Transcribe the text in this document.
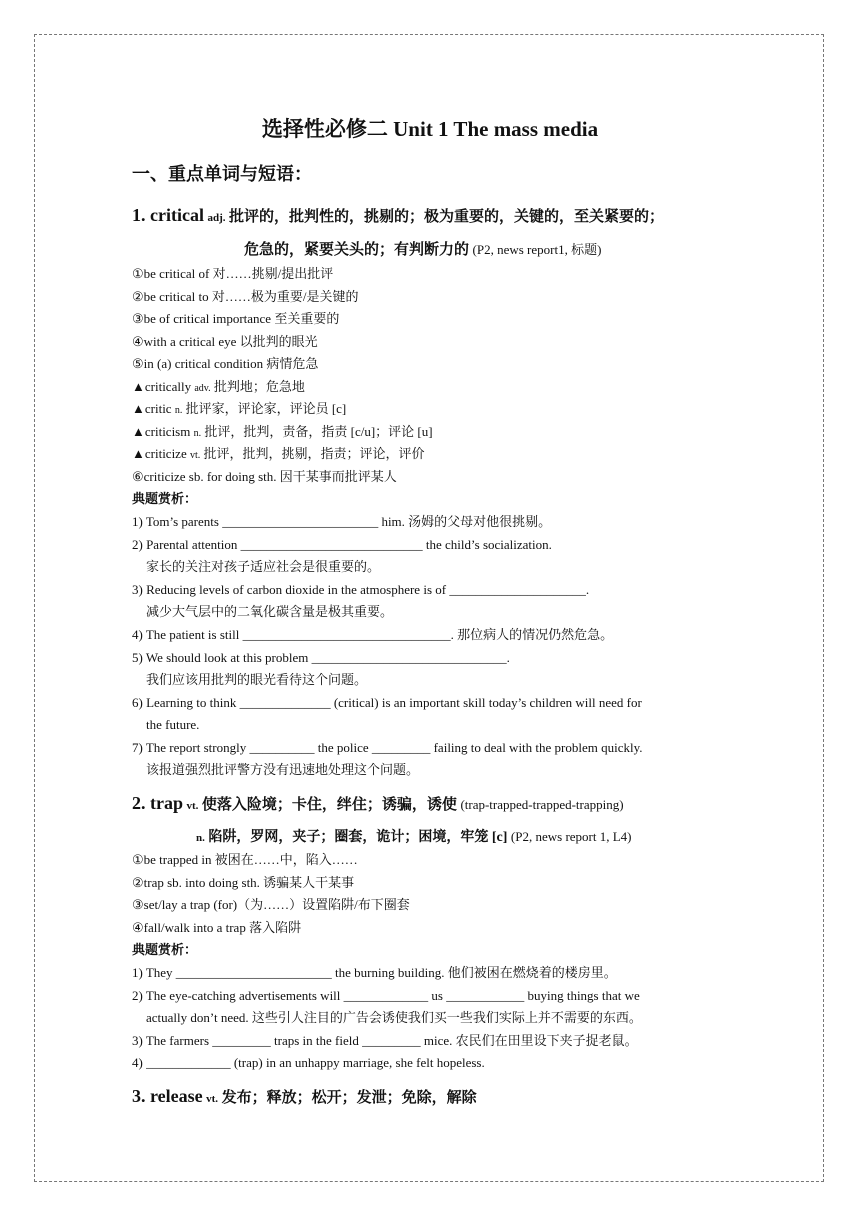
选择性必修二 Unit 1 The mass media
一、重点单词与短语：
1. critical adj. 批评的，批判性的，挑剔的；极为重要的，关键的，至关紧要的；
危急的，紧要关头的；有判断力的 (P2, news report1, 标题)
①be critical of 对……挑剔/提出批评
②be critical to 对……极为重要/是关键的
③be of critical importance 至关重要的
④with a critical eye 以批判的眼光
⑤in (a) critical condition 病情危急
▲critically adv. 批判地；危急地
▲critic n. 批评家，评论家，评论员 [c]
▲criticism n. 批评，批判，责备，指责 [c/u]；评论 [u]
▲criticize vt. 批评，批判，挑剔，指责；评论，评价
⑥criticize sb. for doing sth. 因干某事而批评某人
典题赏析：
1) Tom’s parents ________________________ him. 汤姆的父母对他很挑剔。
2) Parental attention ____________________________ the child’s socialization.
家长的关注对孩子适应社会是很重要的。
3) Reducing levels of carbon dioxide in the atmosphere is of _____________________.
减少大气层中的二氧化碳含量是极其重要。
4) The patient is still ________________________________. 那位病人的情况仍然危急。
5) We should look at this problem ______________________________.
我们应该用批判的眼光看待这个问题。
6) Learning to think ______________ (critical) is an important skill today’s children will need for
the future.
7) The report strongly __________ the police _________ failing to deal with the problem quickly.
该报道强烈批评警方没有迅速地处理这个问题。
2. trap vt. 使落入险境；卡住，绊住；诱骗，诱使 (trap-trapped-trapped-trapping)
n. 陷阱，罗网，夹子；圈套，诡计；困境，牢笼 [c] (P2, news report 1, L4)
①be trapped in 被困在……中，陷入……
②trap sb. into doing sth. 诱骗某人干某事
③set/lay a trap (for)（为……）设置陷阱/布下圈套
④fall/walk into a trap 落入陷阱
典题赏析：
1) They ________________________ the burning building. 他们被困在燃烧着的楼房里。
2) The eye-catching advertisements will _____________ us ____________ buying things that we
actually don’t need. 这些引人注目的广告会诱使我们买一些我们实际上并不需要的东西。
3) The farmers _________ traps in the field _________ mice. 农民们在田里设下夹子捉老鼠。
4) _____________ (trap) in an unhappy marriage, she felt hopeless.
3. release vt. 发布；释放；松开；发泄；免除，解除
